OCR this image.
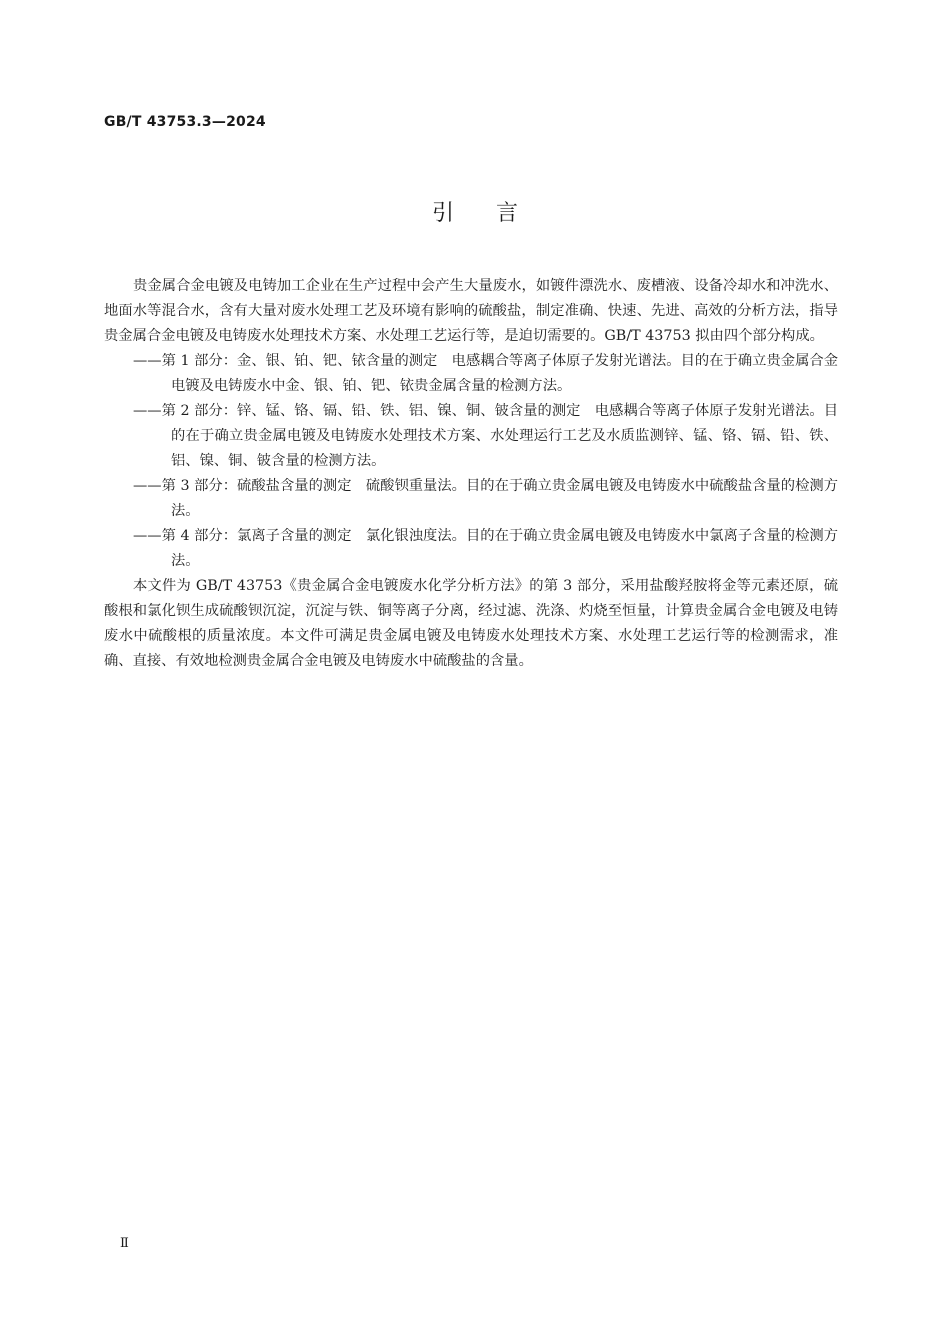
GB/T 43753.3—2024
引 言

贵金属合金电镀及电铸加工企业在生产过程中会产生大量废水，如镀件漂洗水、废槽液、设备冷却水和冲洗水、地面水等混合水，含有大量对废水处理工艺及环境有影响的硫酸盐，制定准确、快速、先进、高效的分析方法，指导贵金属合金电镀及电铸废水处理技术方案、水处理工艺运行等，是迫切需要的。GB/T 43753 拟由四个部分构成。

——第 1 部分：金、银、铂、钯、铱含量的测定　电感耦合等离子体原子发射光谱法。目的在于确立贵金属合金电镀及电铸废水中金、银、铂、钯、铱贵金属含量的检测方法。

——第 2 部分：锌、锰、铬、镉、铅、铁、铝、镍、铜、铍含量的测定　电感耦合等离子体原子发射光谱法。目的在于确立贵金属电镀及电铸废水处理技术方案、水处理运行工艺及水质监测锌、锰、铬、镉、铅、铁、铝、镍、铜、铍含量的检测方法。

——第 3 部分：硫酸盐含量的测定　硫酸钡重量法。目的在于确立贵金属电镀及电铸废水中硫酸盐含量的检测方法。

——第 4 部分：氯离子含量的测定　氯化银浊度法。目的在于确立贵金属电镀及电铸废水中氯离子含量的检测方法。

本文件为 GB/T 43753《贵金属合金电镀废水化学分析方法》的第 3 部分，采用盐酸羟胺将金等元素还原，硫酸根和氯化钡生成硫酸钡沉淀，沉淀与铁、铜等离子分离，经过滤、洗涤、灼烧至恒量，计算贵金属合金电镀及电铸废水中硫酸根的质量浓度。本文件可满足贵金属电镀及电铸废水处理技术方案、水处理工艺运行等的检测需求，准确、直接、有效地检测贵金属合金电镀及电铸废水中硫酸盐的含量。

Ⅱ
